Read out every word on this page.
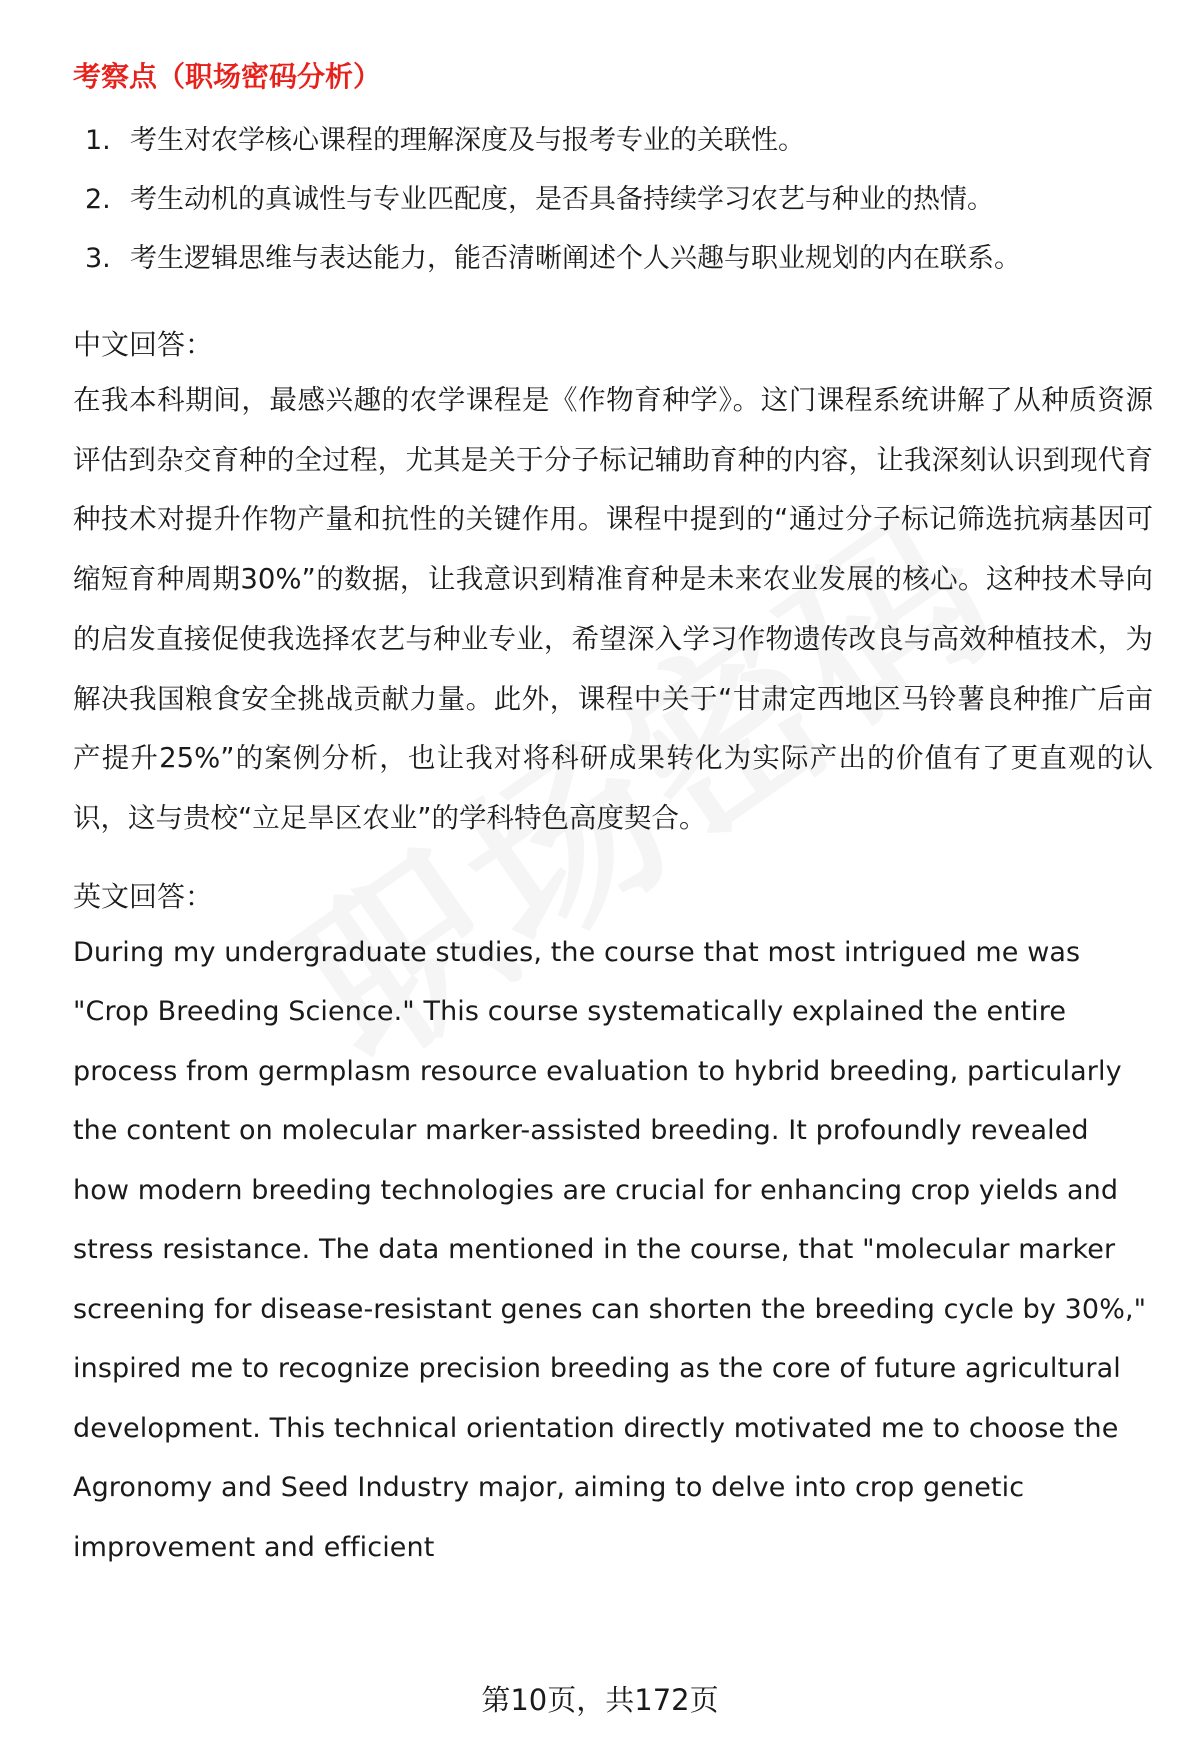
考察点（职场密码分析）
1. 考生对农学核心课程的理解深度及与报考专业的关联性。
2. 考生动机的真诚性与专业匹配度，是否具备持续学习农艺与种业的热情。
3. 考生逻辑思维与表达能力，能否清晰阐述个人兴趣与职业规划的内在联系。

中文回答：

在我本科期间，最感兴趣的农学课程是《作物育种学》。这门课程系统讲解了从种质资源评估到杂交育种的全过程，尤其是关于分子标记辅助育种的内容，让我深刻认识到现代育种技术对提升作物产量和抗性的关键作用。课程中提到的“通过分子标记筛选抗病基因可缩短育种周期30%”的数据，让我意识到精准育种是未来农业发展的核心。这种技术导向的启发直接促使我选择农艺与种业专业，希望深入学习作物遗传改良与高效种植技术，为解决我国粮食安全挑战贡献力量。此外，课程中关于“甘肃定西地区马铃薯良种推广后亩产提升25%”的案例分析，也让我对将科研成果转化为实际产出的价值有了更直观的认识，这与贵校“立足旱区农业”的学科特色高度契合。

英文回答：

During my undergraduate studies, the course that most intrigued me was "Crop Breeding Science." This course systematically explained the entire process from germplasm resource evaluation to hybrid breeding, particularly the content on molecular marker-assisted breeding. It profoundly revealed how modern breeding technologies are crucial for enhancing crop yields and stress resistance. The data mentioned in the course, that "molecular marker screening for disease-resistant genes can shorten the breeding cycle by 30%," inspired me to recognize precision breeding as the core of future agricultural development. This technical orientation directly motivated me to choose the Agronomy and Seed Industry major, aiming to delve into crop genetic improvement and efficient

第10页，共172页
